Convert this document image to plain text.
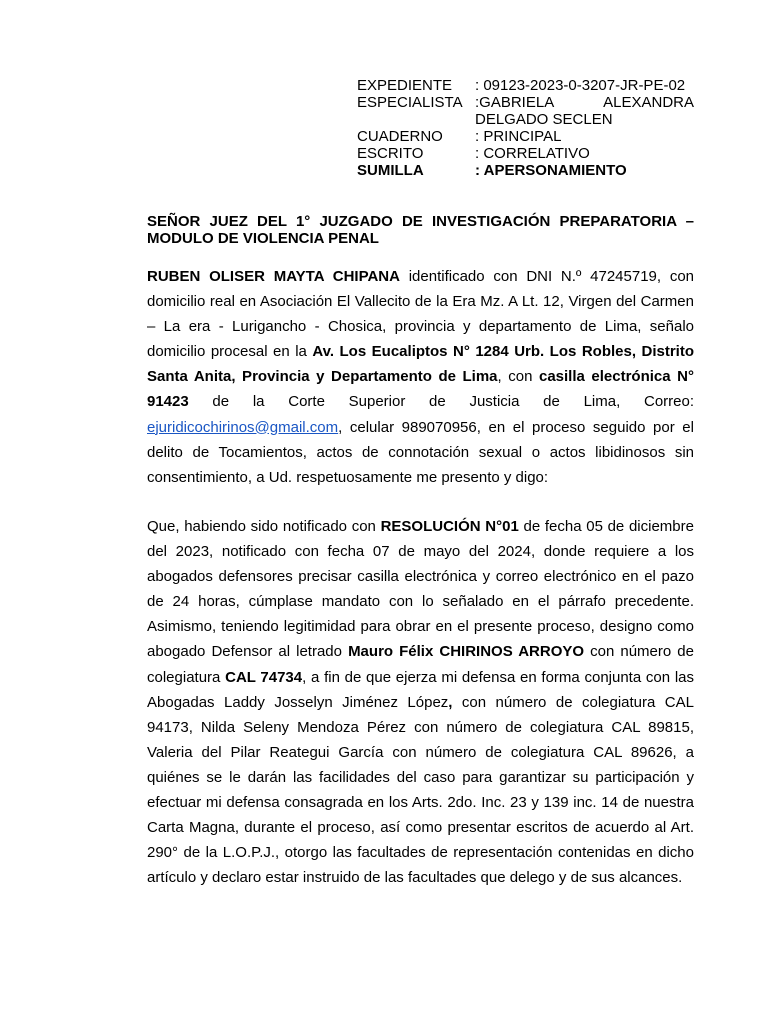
EXPEDIENTE	: 09123-2023-0-3207-JR-PE-02
ESPECIALISTA :GABRIELA ALEXANDRA
DELGADO SECLEN
CUADERNO	: PRINCIPAL
ESCRITO	: CORRELATIVO
SUMILLA	: APERSONAMIENTO
SEÑOR JUEZ DEL 1° JUZGADO DE INVESTIGACIÓN PREPARATORIA – MODULO DE VIOLENCIA PENAL
RUBEN OLISER MAYTA CHIPANA identificado con DNI N.º 47245719, con domicilio real en Asociación El Vallecito de la Era Mz. A Lt. 12, Virgen del Carmen – La era - Lurigancho - Chosica, provincia y departamento de Lima, señalo domicilio procesal en la Av. Los Eucaliptos N° 1284 Urb. Los Robles, Distrito Santa Anita, Provincia y Departamento de Lima, con casilla electrónica N° 91423 de la Corte Superior de Justicia de Lima, Correo: ejuridicochirinos@gmail.com, celular 989070956, en el proceso seguido por el delito de Tocamientos, actos de connotación sexual o actos libidinosos sin consentimiento, a Ud. respetuosamente me presento y digo:
Que, habiendo sido notificado con RESOLUCIÓN N°01 de fecha 05 de diciembre del 2023, notificado con fecha 07 de mayo del 2024, donde requiere a los abogados defensores precisar casilla electrónica y correo electrónico en el pazo de 24 horas, cúmplase mandato con lo señalado en el párrafo precedente. Asimismo, teniendo legitimidad para obrar en el presente proceso, designo como abogado Defensor al letrado Mauro Félix CHIRINOS ARROYO con número de colegiatura CAL 74734, a fin de que ejerza mi defensa en forma conjunta con las Abogadas Laddy Josselyn Jiménez López, con número de colegiatura CAL 94173, Nilda Seleny Mendoza Pérez con número de colegiatura CAL 89815, Valeria del Pilar Reategui García con número de colegiatura CAL 89626, a quiénes se le darán las facilidades del caso para garantizar su participación y efectuar mi defensa consagrada en los Arts. 2do. Inc. 23 y 139 inc. 14 de nuestra Carta Magna, durante el proceso, así como presentar escritos de acuerdo al Art. 290° de la L.O.P.J., otorgo las facultades de representación contenidas en dicho artículo y declaro estar instruido de las facultades que delego y de sus alcances.
